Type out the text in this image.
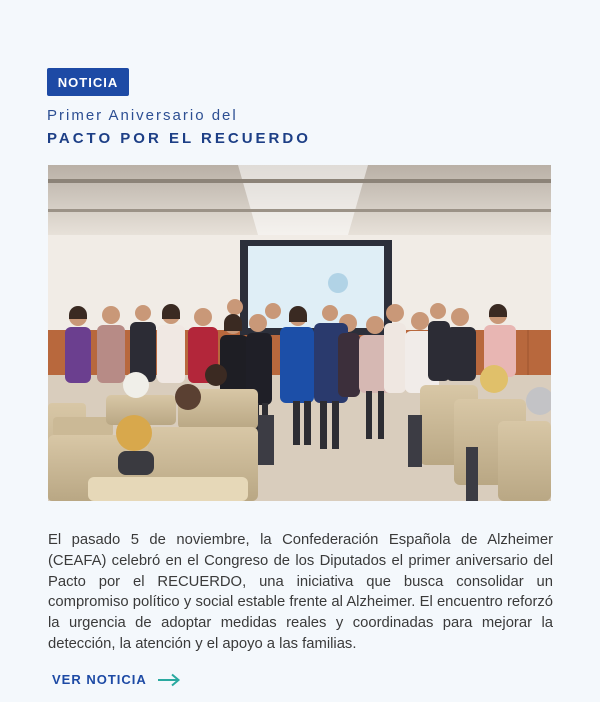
NOTICIA
Primer Aniversario del
PACTO POR EL RECUERDO

El pasado 5 de noviembre, la Confederación Española de Alzheimer (CEAFA) celebró en el Congreso de los Diputados el primer aniversario del Pacto por el RECUERDO, una iniciativa que busca consolidar un compromiso político y social estable frente al Alzheimer. El encuentro reforzó la urgencia de adoptar medidas reales y coordinadas para mejorar la detección, la atención y el apoyo a las familias.

VER NOTICIA
